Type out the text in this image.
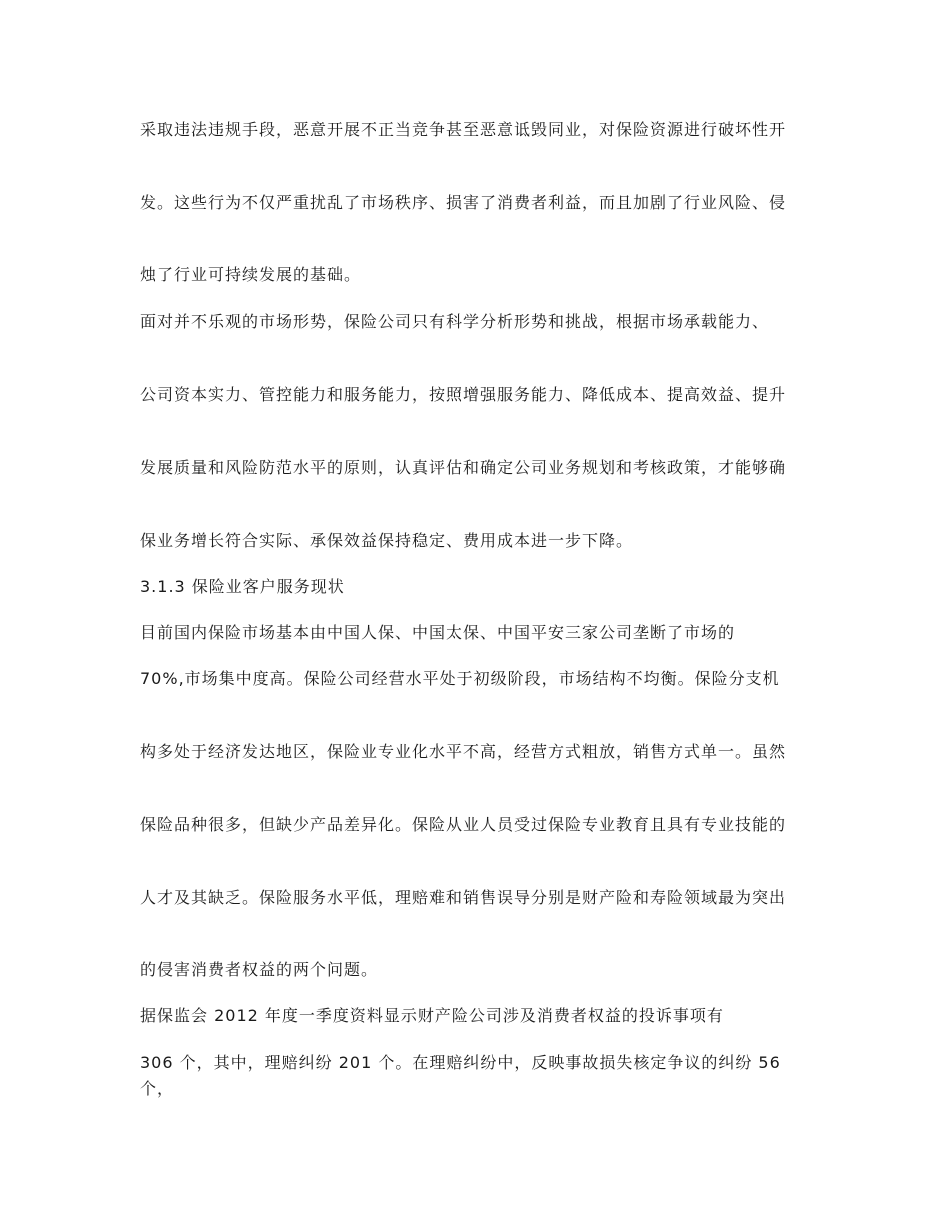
采取违法违规手段，恶意开展不正当竞争甚至恶意诋毁同业，对保险资源进行破坏性开

发。这些行为不仅严重扰乱了市场秩序、损害了消费者利益，而且加剧了行业风险、侵

烛了行业可持续发展的基础。

面对并不乐观的市场形势，保险公司只有科学分析形势和挑战，根据市场承载能力、

公司资本实力、管控能力和服务能力，按照增强服务能力、降低成本、提高效益、提升

发展质量和风险防范水平的原则，认真评估和确定公司业务规划和考核政策，才能够确

保业务增长符合实际、承保效益保持稳定、费用成本进一步下降。

3.1.3 保险业客户服务现状

目前国内保险市场基本由中国人保、中国太保、中国平安三家公司垄断了市场的

70%,市场集中度高。保险公司经营水平处于初级阶段，市场结构不均衡。保险分支机

构多处于经济发达地区，保险业专业化水平不高，经营方式粗放，销售方式单一。虽然

保险品种很多，但缺少产品差异化。保险从业人员受过保险专业教育且具有专业技能的

人才及其缺乏。保险服务水平低，理赔难和销售误导分别是财产险和寿险领域最为突出

的侵害消费者权益的两个问题。

据保监会 2012 年度一季度资料显示财产险公司涉及消费者权益的投诉事项有

306 个，其中，理赔纠纷 201 个。在理赔纠纷中，反映事故损失核定争议的纠纷 56 个，
